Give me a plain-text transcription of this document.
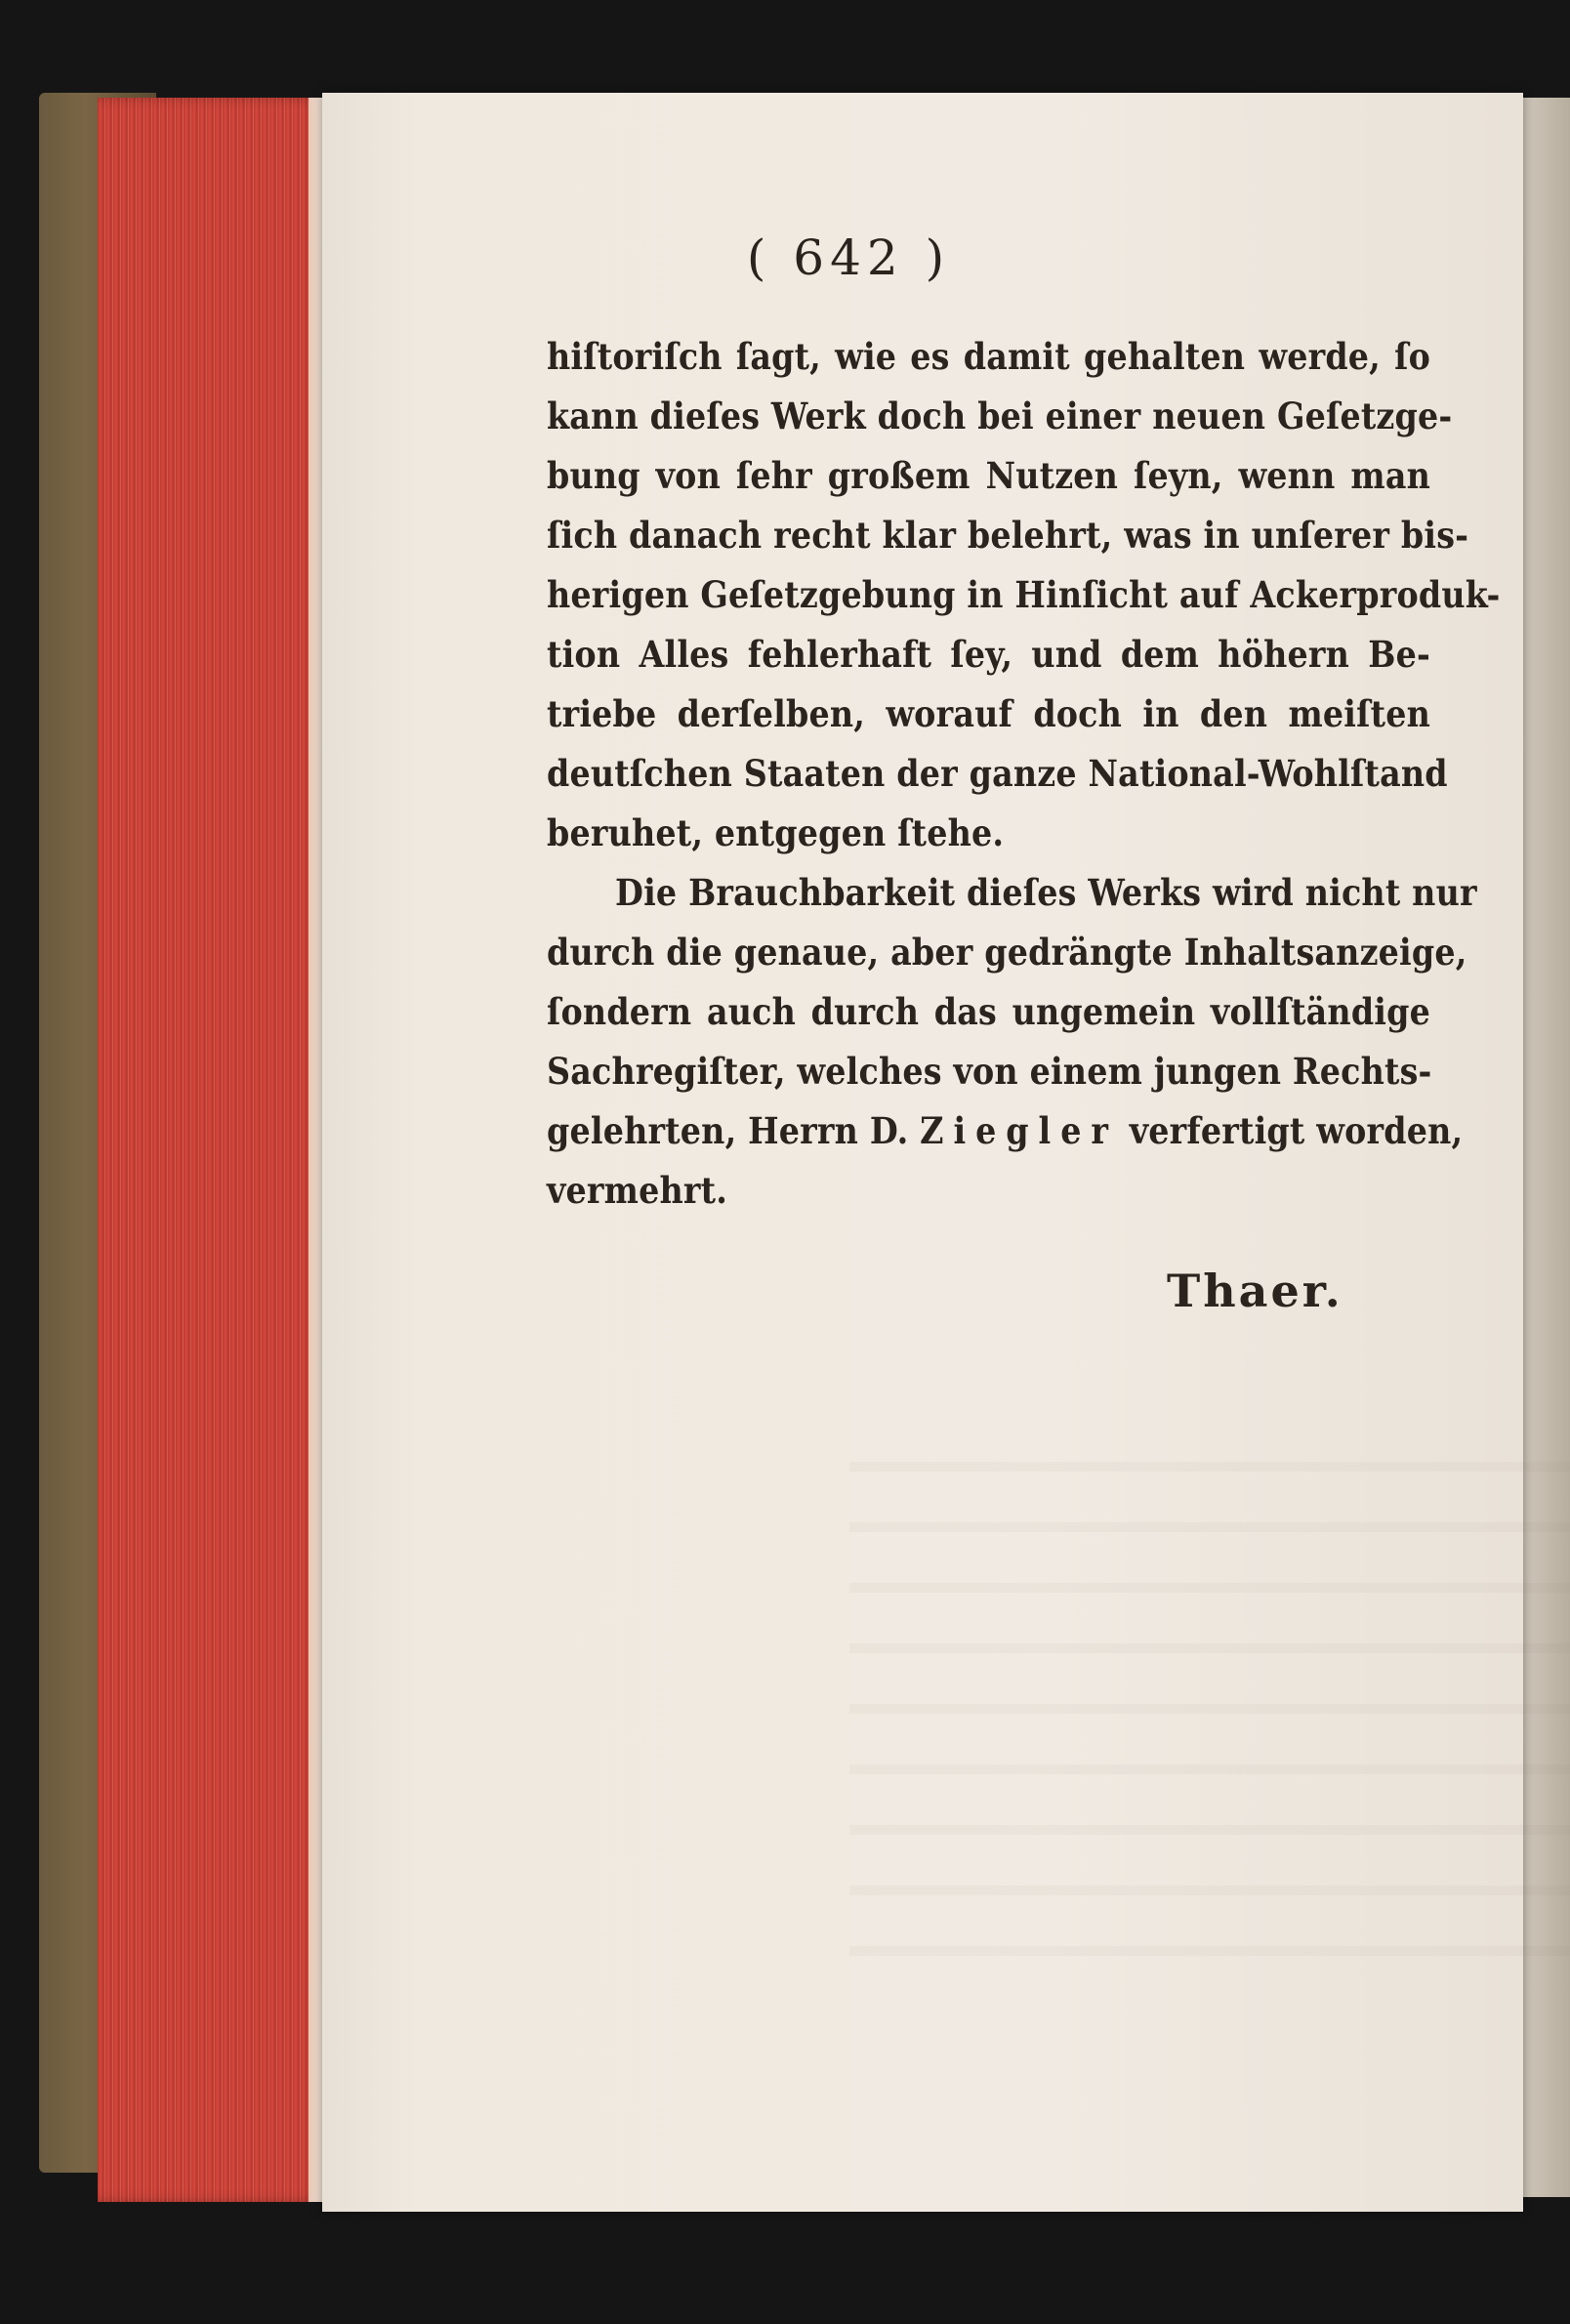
( 642 )
hiſtoriſch ſagt, wie es damit gehalten werde, ſo
kann dieſes Werk doch bei einer neuen Geſetzge-
bung von ſehr großem Nutzen ſeyn, wenn man
ſich danach recht klar belehrt, was in unſerer bis-
herigen Geſetzgebung in Hinſicht auf Ackerproduk-
tion Alles fehlerhaft ſey, und dem höhern Be-
triebe derſelben, worauf doch in den meiſten
deutſchen Staaten der ganze National-Wohlſtand
beruhet, entgegen ſtehe.
Die Brauchbarkeit dieſes Werks wird nicht nur
durch die genaue, aber gedrängte Inhaltsanzeige,
ſondern auch durch das ungemein vollſtändige
Sachregiſter, welches von einem jungen Rechts-
gelehrten, Herrn D. Ziegler verfertigt worden,
vermehrt.
Thaer.
